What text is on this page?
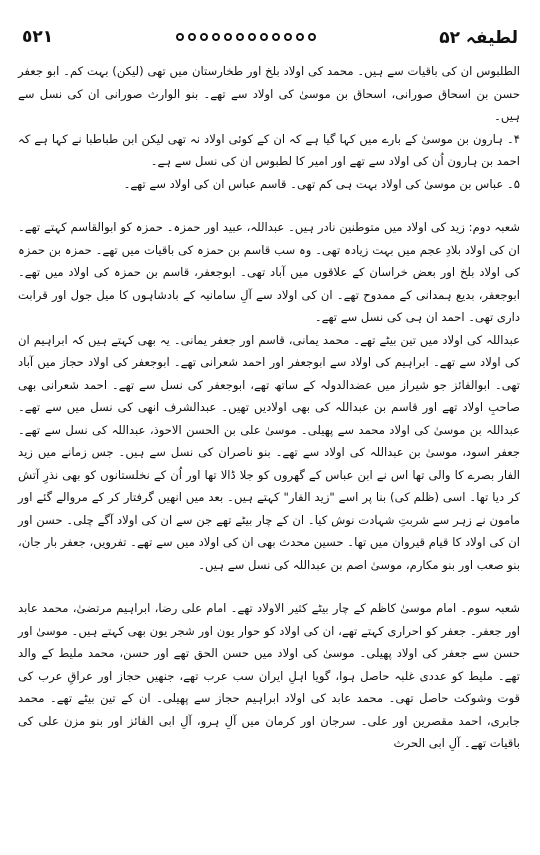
٥٢١	لطیفہ ۵۲

الطلبوس ان کی باقیات سے ہیں۔ محمد کی اولاد بلخ اور طخارستان میں تھی (لیکن) بہت کم۔ ابو جعفر حسن بن اسحاق صورانی، اسحاق بن موسیٰ کی اولاد سے تھے۔ بنو الوارث صورانی ان کی نسل سے ہیں۔

۴۔ ہارون بن موسیٰ کے بارے میں کہا گیا ہے کہ ان کے کوئی اولاد نہ تھی لیکن ابن طباطبا نے کہا ہے کہ احمد بن ہارون اُن کی اولاد سے تھے اور امیر کا لطبوس ان کی نسل سے ہے۔

۵۔ عباس بن موسیٰ کی اولاد بہت ہی کم تھی۔ قاسم عباس ان کی اولاد سے تھے۔

شعبہ دوم: زید کی اولاد میں متوطنین نادر ہیں۔ عبداللہ، عبید اور حمزہ۔ حمزہ کو ابوالقاسم کہتے تھے۔ ان کی اولاد بلادِ عجم میں بہت زیادہ تھی۔ وہ سب قاسم بن حمزہ کی باقیات میں تھے۔ حمزہ بن حمزہ کی اولاد بلخ اور بعض خراسان کے علاقوں میں آباد تھی۔ ابوجعفر، قاسم بن حمزہ کی اولاد میں تھے۔ ابوجعفر، بدیع ہمدانی کے ممدوح تھے۔ ان کی اولاد سے آلِ سامانیہ کے بادشاہوں کا میل جول اور قرابت داری تھی۔ احمد ان ہی کی نسل سے تھے۔

عبداللہ کی اولاد میں تین بیٹے تھے۔ محمد یمانی، قاسم اور جعفر یمانی۔ یہ بھی کہتے ہیں کہ ابراہیم ان کی اولاد سے تھے۔ ابراہیم کی اولاد سے ابوجعفر اور احمد شعرانی تھے۔ ابوجعفر کی اولاد حجاز میں آباد تھی۔ ابوالفائز جو شیراز میں عضدالدولہ کے ساتھ تھے، ابوجعفر کی نسل سے تھے۔ احمد شعرانی بھی صاحبِ اولاد تھے اور قاسم بن عبداللہ کی بھی اولادیں تھیں۔ عبدالشرف انھی کی نسل میں سے تھے۔ عبداللہ بن موسیٰ کی اولاد محمد سے پھیلی۔ موسیٰ علی بن الحسن الاحوذ، عبداللہ کی نسل سے تھے۔ جعفر اسود، موسیٰ بن عبداللہ کی اولاد سے تھے۔ بنو ناصران کی نسل سے ہیں۔ جس زمانے میں زید الفار بصرے کا والی تھا اس نے ابن عباس کے گھروں کو جلا ڈالا تھا اور اُن کے نخلستانوں کو بھی نذرِ آتش کر دیا تھا۔ اسی (ظلم کی) بنا پر اسے "زید الفار" کہتے ہیں۔ بعد میں انھیں گرفتار کر کے مروالے گئے اور مامون نے زہر سے شربتِ شہادت نوش کیا۔ ان کے چار بیٹے تھے جن سے ان کی اولاد آگے چلی۔ حسن اور ان کی اولاد کا قیام قیروان میں تھا۔ حسین محدث بھی ان کی اولاد میں سے تھے۔ تفرویں، جعفر بار جان، بنو صعب اور بنو مکارم، موسیٰ اصم بن عبداللہ کی نسل سے ہیں۔

شعبہ سوم۔ امام موسیٰ کاظم کے چار بیٹے کثیر الاولاد تھے۔ امام علی رضا، ابراہیم مرتضیٰ، محمد عابد اور جعفر۔ جعفر کو احراری کہتے تھے، ان کی اولاد کو حوار یون اور شجر یون بھی کہتے ہیں۔ موسیٰ اور حسن سے جعفر کی اولاد پھیلی۔ موسیٰ کی اولاد میں حسن الحق تھے اور حسن، محمد ملیط کے والد تھے۔ ملیط کو عددی غلبہ حاصل ہوا، گویا اہلِ ایران سب عرب تھے، جنھیں حجاز اور عراقِ عرب کی قوت وشوکت حاصل تھی۔ محمد عابد کی اولاد ابراہیم حجاز سے پھیلی۔ ان کے تین بیٹے تھے۔ محمد جابری، احمد مقصرین اور علی۔ سرجان اور کرمان میں آلِ ہرو، آلِ ابی الفائز اور بنو مزن علی کی باقیات تھے۔ آلِ ابی الحرث
